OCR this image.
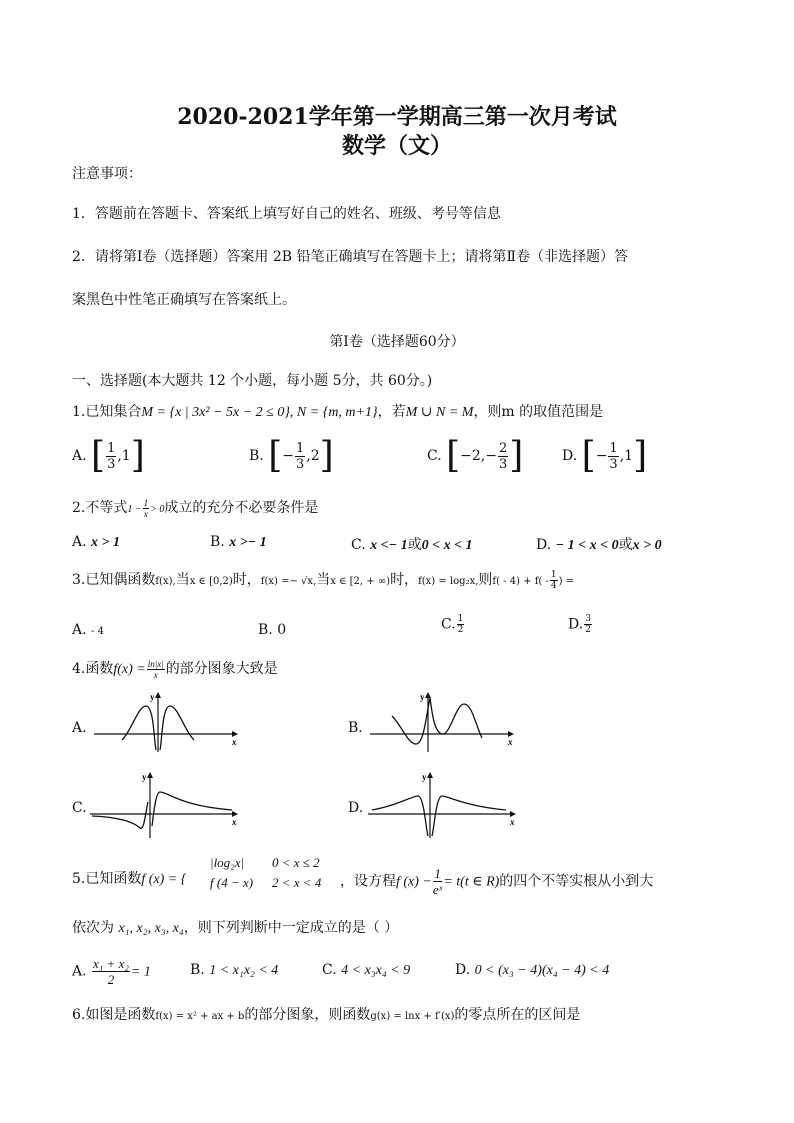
2020-2021学年第一学期高三第一次月考试
数学（文）
注意事项：
1．答题前在答题卡、答案纸上填写好自己的姓名、班级、考号等信息
2．请将第Ⅰ卷（选择题）答案用 2B 铅笔正确填写在答题卡上；请将第Ⅱ卷（非选择题）答
案黑色中性笔正确填写在答案纸上。
第Ⅰ卷（选择题60分）
一、选择题(本大题共 12 个小题，每小题 5分，共 60分。)
1.已知集合M = {x | 3x² − 5x − 2 ≤ 0}, N = {m, m+1}，若M ∪ N = M，则m 的取值范围是
A. [ $\frac{1}{3} ,1$]	B. [− $\frac{1}{3} ,2$]	C. [$-2,- \frac{2}{3}$ ]	D. [− $\frac{1}{3} ,1$]
2.不等式$1 - \frac{1}{x} > 0$成立的充分不必要条件是
A. x > 1	B. x >− 1	C. x <− 1或0 < x < 1	D. − 1 < x < 0或x > 0
3.已知偶函数f(x),当x ∈ [0,2)时，f(x) =− √x,当x ∈ [2, + ∞)时，f(x) = log₂x,则$f( - 4) + f( - \frac{1}{4}$ ) =
A. - 4	B. 0	C. $\frac{1}{2}$	D. $\frac{3}{2}$
4.函数$f(x) = \frac{\ln|x|}{x}$ 的部分图象大致是
A.
x
y
B.
x
y
C.
x
y
D.
x
y
5.已知函数f (x) = {
|log₂x| 0 < x ≤ 2
f (4 − x) 2 < x < 4 ，设方程f $(x) - \frac{1}{\text{eˣ}} = t(t$ ∈ R)的四个不等实根从小到大
依次为 x₁, x₂, x₃, x₄，则下列判断中一定成立的是（ ）
A. $\frac{\text{x₁ + x₂}}{2} = 1$	B. 1 < x₁x₂ < 4	C. 4 < x₃x₄ < 9	D. 0 < (x₃ − 4)(x₄ − 4) < 4
6.如图是函数f(x) = x² + ax + b的部分图象，则函数g(x) = lnx + f′(x)的零点所在的区间是
